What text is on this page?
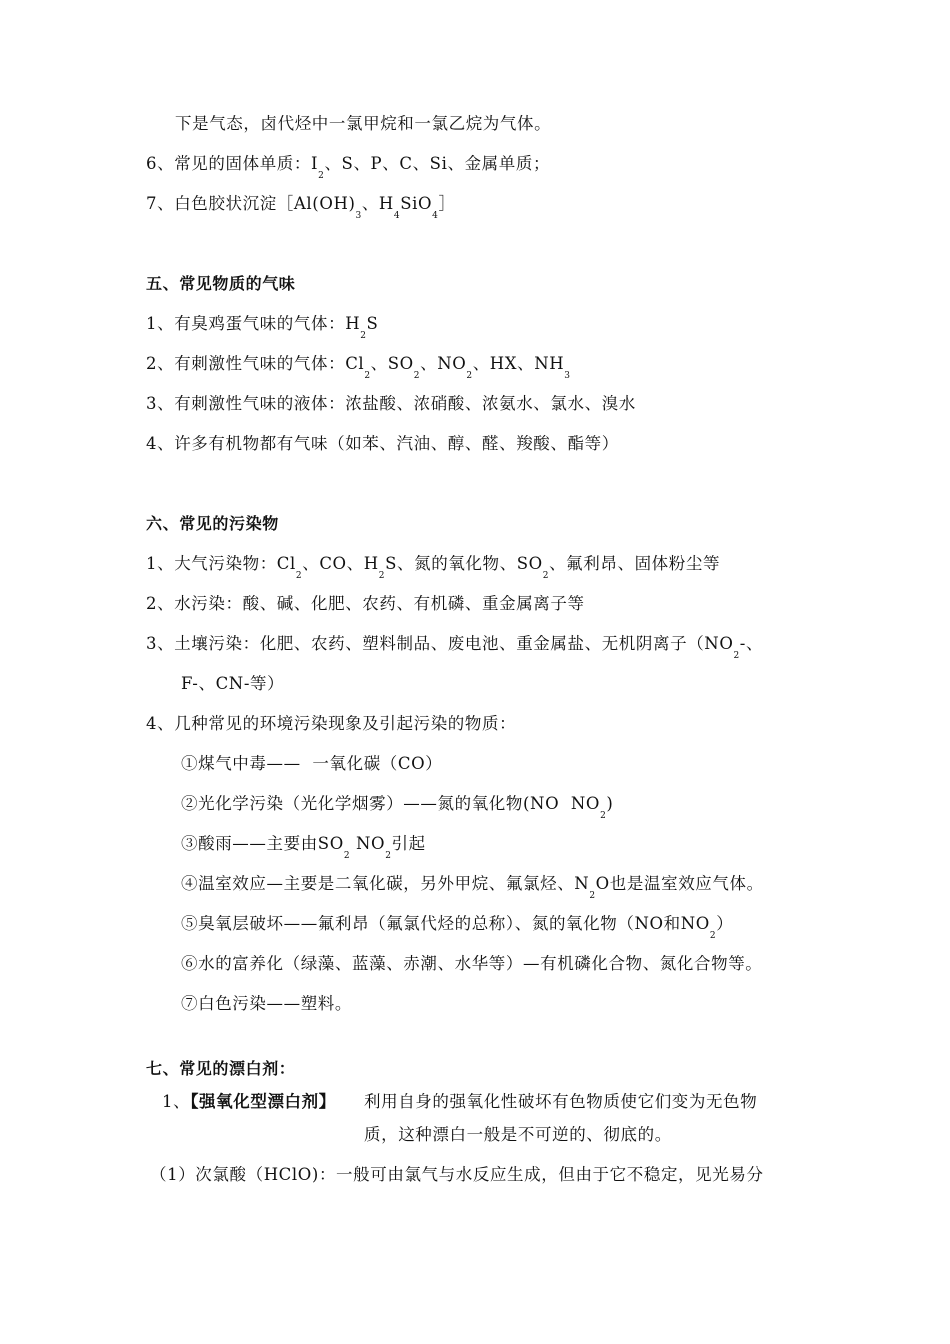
下是气态，卤代烃中一氯甲烷和一氯乙烷为气体。
6、常见的固体单质：$I_2$、S、P、C、Si、金属单质；
7、白色胶状沉淀$[Al(OH)_3$、$H_4SiO_4]$
五、常见物质的气味
1、有臭鸡蛋气味的气体：$H_2S$
2、有刺激性气味的气体：$Cl_2$、$SO_2$、$NO_2$、HX、$NH_3$
3、有刺激性气味的液体：浓盐酸、浓硝酸、浓氨水、氯水、溴水
4、许多有机物都有气味（如苯、汽油、醇、醛、羧酸、酯等）
六、常见的污染物
1、大气污染物：$Cl_2$、CO、$H_2S$、氮的氧化物、$SO_2$、氟利昂、固体粉尘等
2、水污染：酸、碱、化肥、农药、有机磷、重金属离子等
3、土壤污染：化肥、农药、塑料制品、废电池、重金属盐、无机阴离子（$NO_2-$、
F-、CN-等）
4、几种常见的环境污染现象及引起污染的物质：
①煤气中毒——  一氧化碳（CO）
②光化学污染（光化学烟雾）——氮的氧化物(NO  $NO_2$)
③酸雨——主要由$SO_2$ $NO_2$引起
④温室效应—主要是二氧化碳，另外甲烷、氟氯烃、$N_2O$也是温室效应气体。
⑤臭氧层破坏——氟利昂（氟氯代烃的总称）、氮的氧化物（NO和$NO_2$）
⑥水的富养化（绿藻、蓝藻、赤潮、水华等）—有机磷化合物、氮化合物等。
⑦白色污染——塑料。
七、常见的漂白剂：
1、【强氧化型漂白剂】 利用自身的强氧化性破坏有色物质使它们变为无色物
质，这种漂白一般是不可逆的、彻底的。
（1）次氯酸（HClO)：一般可由氯气与水反应生成，但由于它不稳定，见光易分
